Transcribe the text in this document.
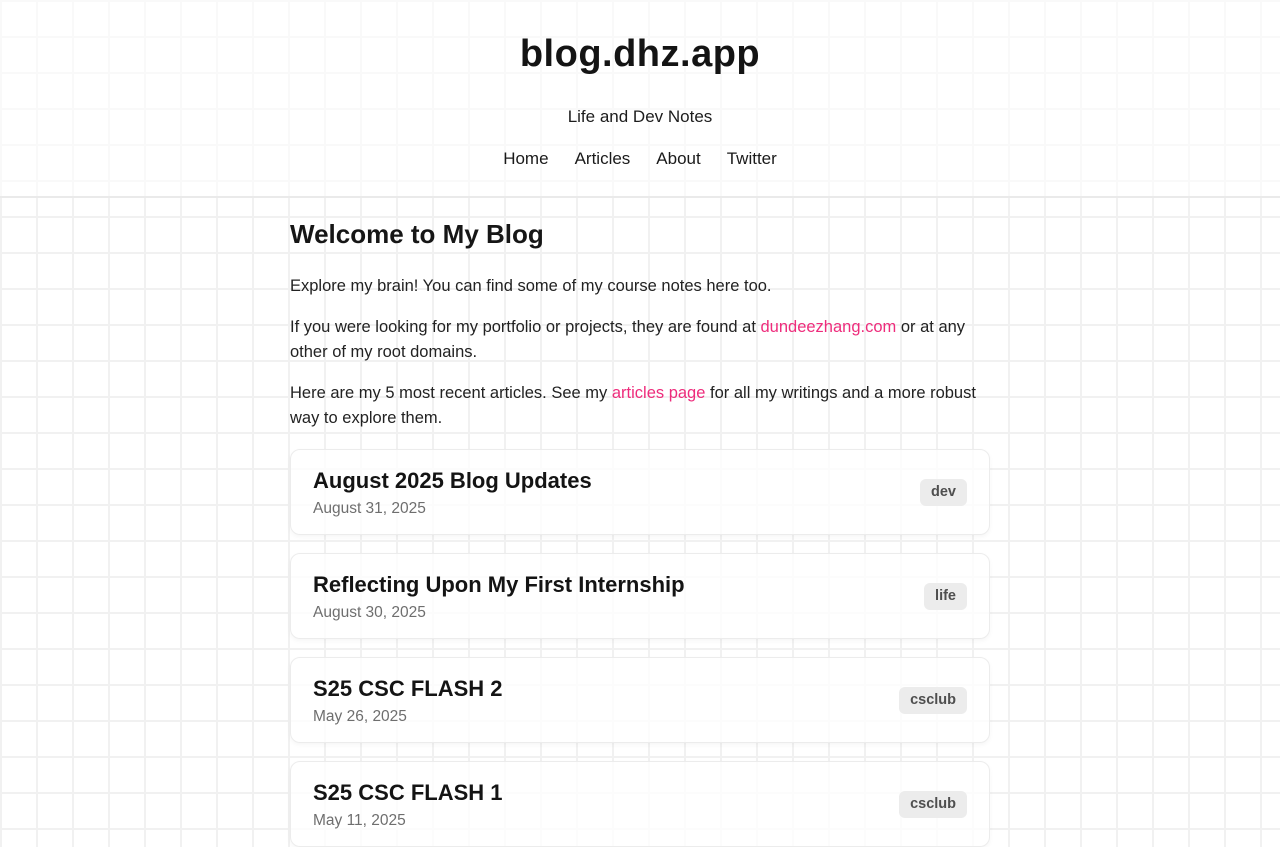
blog.dhz.app
Life and Dev Notes
Home Articles About Twitter
Welcome to My Blog

Explore my brain! You can find some of my course notes here too.

If you were looking for my portfolio or projects, they are found at dundeezhang.com or at any other of my root domains.

Here are my 5 most recent articles. See my articles page for all my writings and a more robust way to explore them.

August 2025 Blog Updates
August 31, 2025
dev
Reflecting Upon My First Internship
August 30, 2025
life
S25 CSC FLASH 2
May 26, 2025
csclub
S25 CSC FLASH 1
May 11, 2025
csclub
